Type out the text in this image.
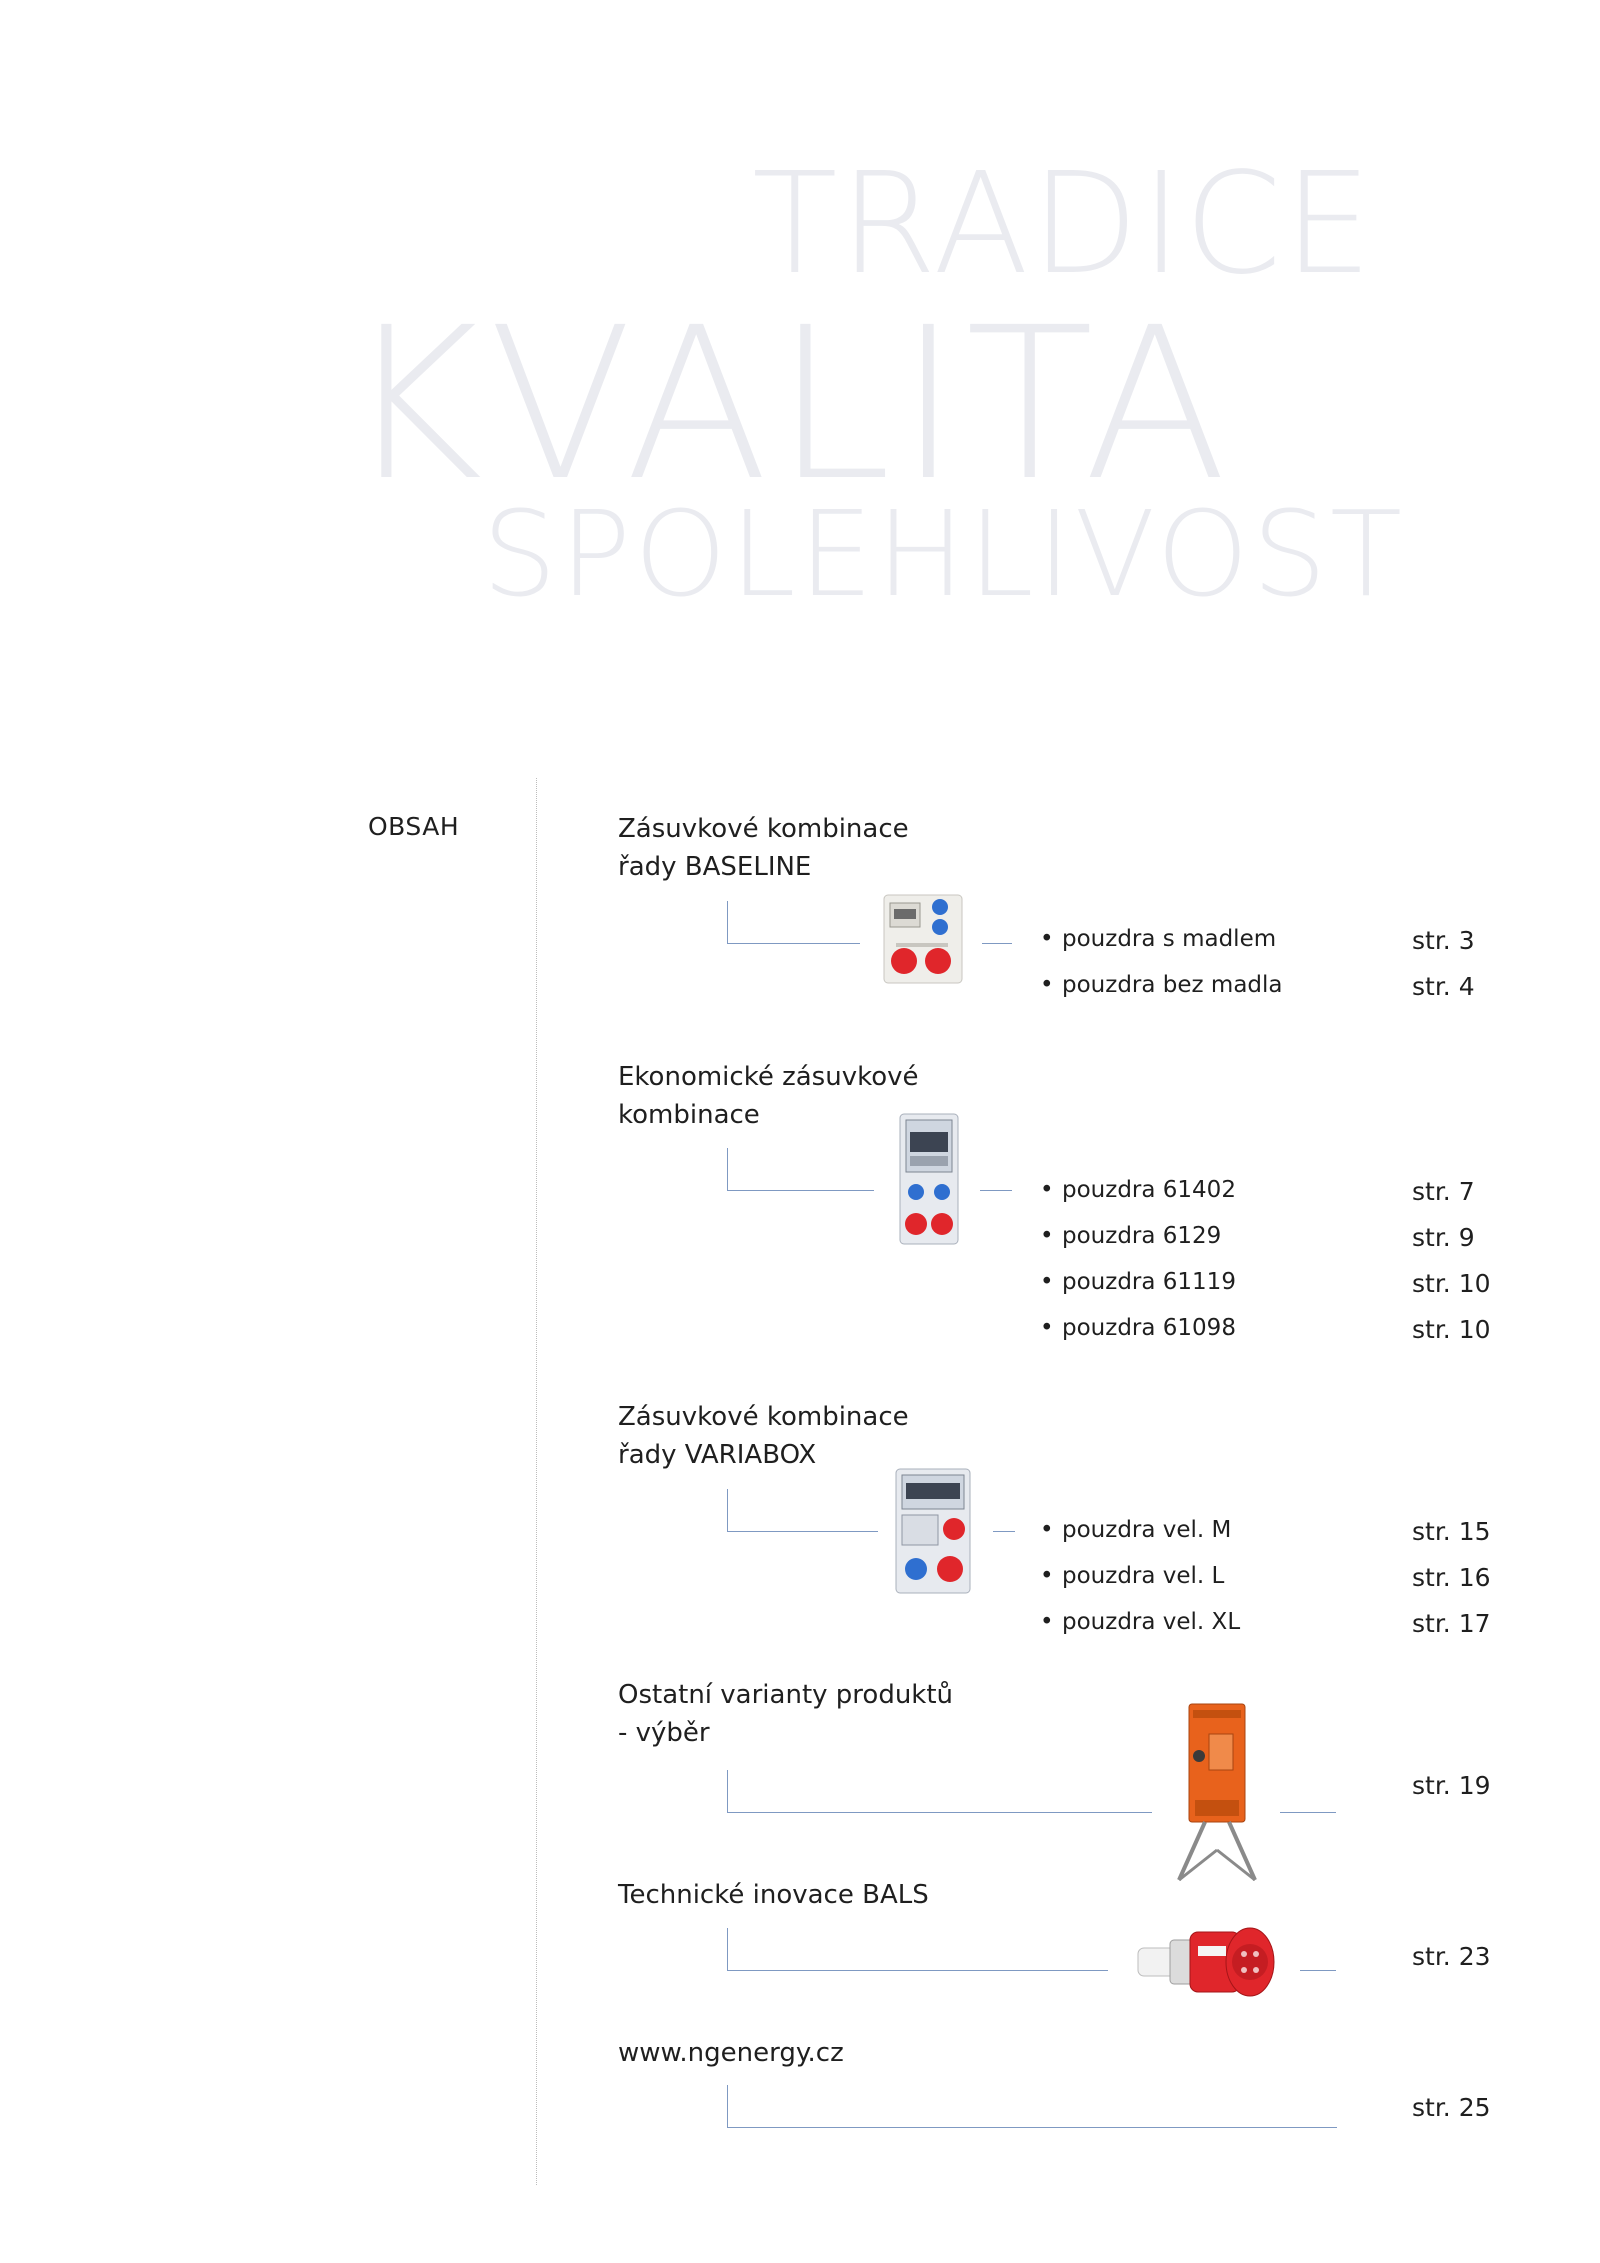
TRADICE
KVALITA
SPOLEHLIVOST
OBSAH	Zásuvkové kombinace
řady BASELINE
• pouzdra s madlem	str. 3
• pouzdra bez madla	str. 4
Ekonomické zásuvkové
kombinace
• pouzdra 61402	str. 7
• pouzdra 6129	str. 9
• pouzdra 61119	str. 10
• pouzdra 61098	str. 10
Zásuvkové kombinace
řady VARIABOX
• pouzdra vel. M	str. 15
• pouzdra vel. L	str. 16
• pouzdra vel. XL	str. 17
Ostatní varianty produktů
- výběr
str. 19
Technické inovace BALS
str. 23
www.ngenergy.cz
str. 25
